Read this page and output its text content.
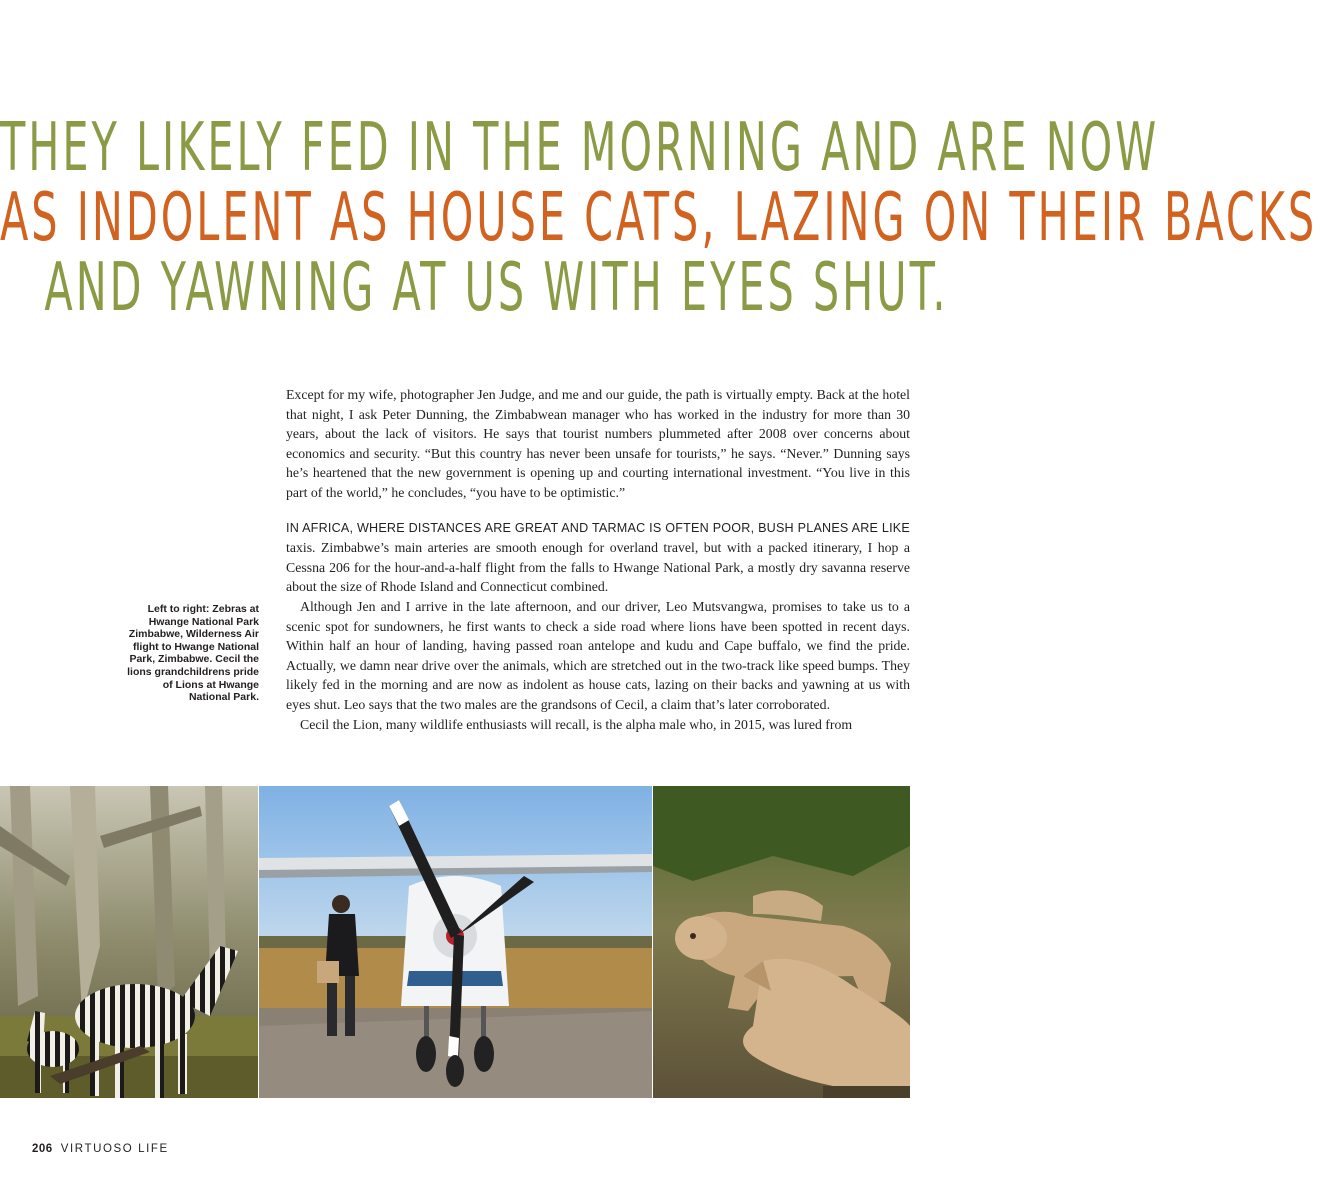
THEY LIKELY FED IN THE MORNING AND ARE NOW
AS INDOLENT AS HOUSE CATS, LAZING ON THEIR BACKS
AND YAWNING AT US WITH EYES SHUT.

Except for my wife, photographer Jen Judge, and me and our guide, the path is virtually empty. Back at the hotel that night, I ask Peter Dunning, the Zimbabwean manager who has worked in the industry for more than 30 years, about the lack of visitors. He says that tourist numbers plummeted after 2008 over concerns about economics and security. “But this country has never been unsafe for tourists,” he says. “Never.” Dunning says he’s heartened that the new government is opening up and courting international investment. “You live in this part of the world,” he concludes, “you have to be optimistic.”

IN AFRICA, WHERE DISTANCES ARE GREAT AND TARMAC IS OFTEN POOR, BUSH PLANES ARE LIKE taxis. Zimbabwe’s main arteries are smooth enough for overland travel, but with a packed itinerary, I hop a Cessna 206 for the hour-and-a-half flight from the falls to Hwange National Park, a mostly dry savanna reserve about the size of Rhode Island and Connecticut combined.

Although Jen and I arrive in the late afternoon, and our driver, Leo Mutsvangwa, promises to take us to a scenic spot for sundowners, he first wants to check a side road where lions have been spotted in recent days. Within half an hour of landing, having passed roan antelope and kudu and Cape buffalo, we find the pride. Actually, we damn near drive over the animals, which are stretched out in the two-track like speed bumps. They likely fed in the morning and are now as indolent as house cats, lazing on their backs and yawning at us with eyes shut. Leo says that the two males are the grandsons of Cecil, a claim that’s later corroborated.

Cecil the Lion, many wildlife enthusiasts will recall, is the alpha male who, in 2015, was lured from

Left to right: Zebras at Hwange National Park Zimbabwe, Wilderness Air flight to Hwange National Park, Zimbabwe. Cecil the lions grandchildrens pride of Lions at Hwange National Park.
206 VIRTUOSO LIFE
